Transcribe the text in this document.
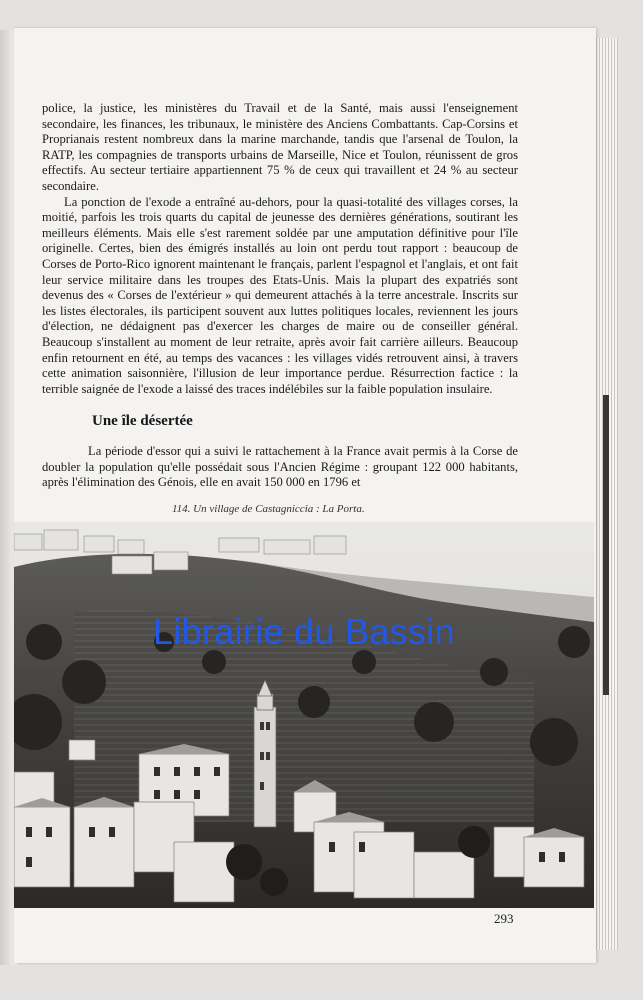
police, la justice, les ministères du Travail et de la Santé, mais aussi l'enseignement secondaire, les finances, les tribunaux, le ministère des Anciens Combattants. Cap-Corsins et Proprianais restent nombreux dans la marine marchande, tandis que l'arsenal de Toulon, la RATP, les compagnies de transports urbains de Marseille, Nice et Toulon, réunissent de gros effectifs. Au secteur tertiaire appartiennent 75 % de ceux qui travaillent et 24 % au secteur secondaire.

La ponction de l'exode a entraîné au-dehors, pour la quasi-totalité des villages corses, la moitié, parfois les trois quarts du capital de jeunesse des dernières générations, soutirant les meilleurs éléments. Mais elle s'est rarement soldée par une amputation définitive pour l'île originelle. Certes, bien des émigrés installés au loin ont perdu tout rapport : beaucoup de Corses de Porto-Rico ignorent maintenant le français, parlent l'espagnol et l'anglais, et ont fait leur service militaire dans les troupes des Etats-Unis. Mais la plupart des expatriés sont devenus des « Corses de l'extérieur » qui demeurent attachés à la terre ancestrale. Inscrits sur les listes électorales, ils participent souvent aux luttes politiques locales, reviennent les jours d'élection, ne dédaignent pas d'exercer les charges de maire ou de conseiller général. Beaucoup s'installent au moment de leur retraite, après avoir fait carrière ailleurs. Beaucoup enfin retournent en été, au temps des vacances : les villages vidés retrouvent ainsi, à travers cette animation saisonnière, l'illusion de leur importance perdue. Résurrection factice : la terrible saignée de l'exode a laissé des traces indélébiles sur la faible population insulaire.

Une île désertée
La période d'essor qui a suivi le rattachement à la France avait permis à la Corse de doubler la population qu'elle possédait sous l'Ancien Régime : groupant 122 000 habitants, après l'élimination des Génois, elle en avait 150 000 en 1796 et
114. Un village de Castagniccia : La Porta.
Librairie du Bassin
293
